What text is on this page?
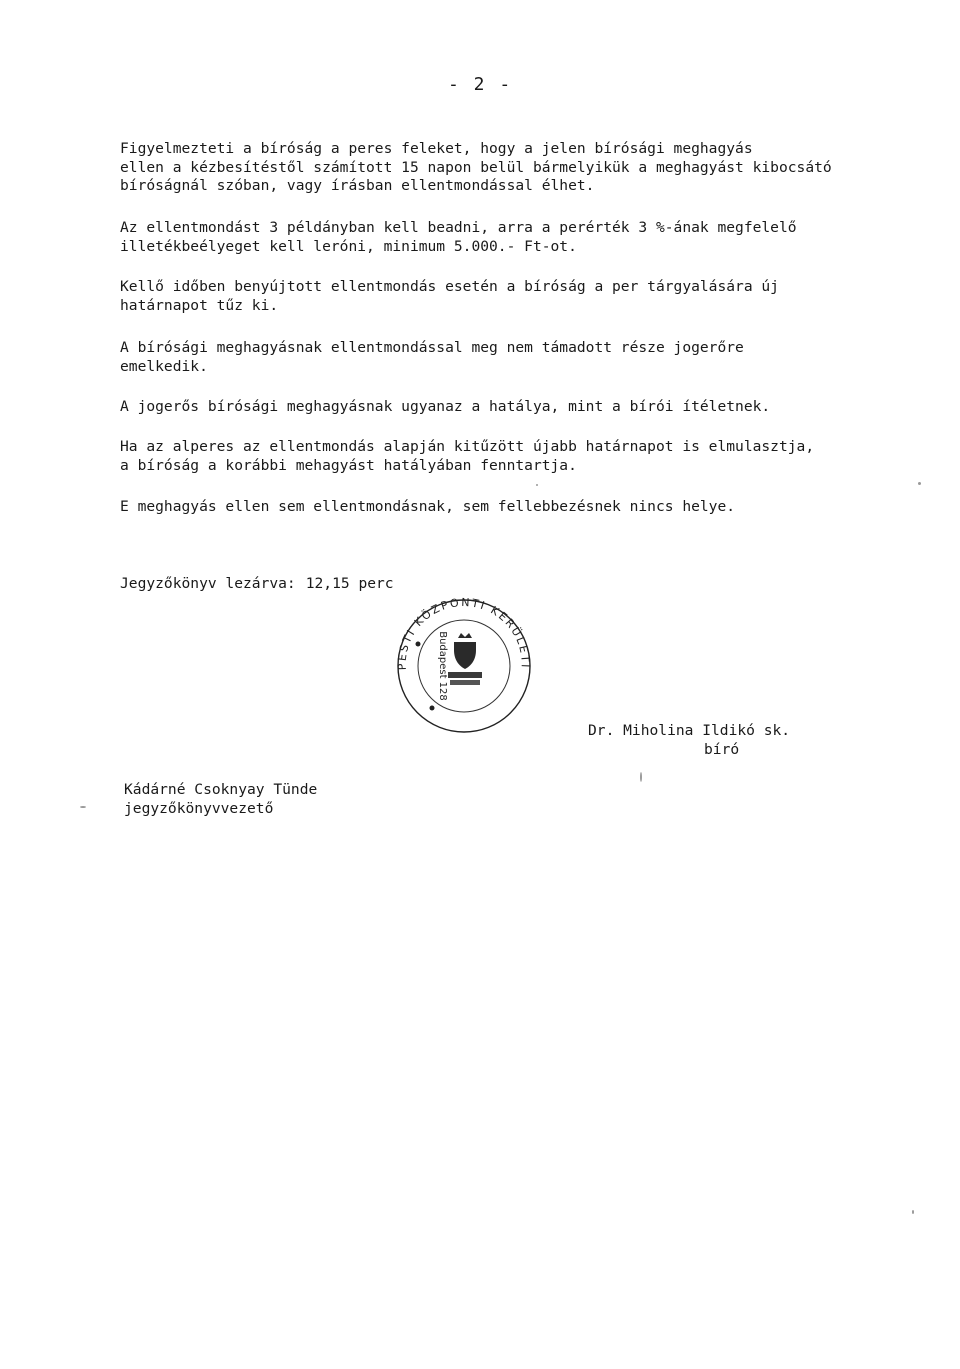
- 2 -
Figyelmezteti a bíróság a peres feleket, hogy a jelen bírósági meghagyás
ellen a kézbesítéstől számított 15 napon belül bármelyikük a meghagyást kibocsátó
bíróságnál szóban, vagy írásban ellentmondással élhet.
Az ellentmondást 3 példányban kell beadni, arra a perérték 3 %-ának megfelelő
illetékbeélyeget kell leróni, minimum 5.000.- Ft-ot.
Kellő időben benyújtott ellentmondás esetén a bíróság a per tárgyalására új
határnapot tűz ki.
A bírósági meghagyásnak ellentmondással meg nem támadott része jogerőre
emelkedik.
A jogerős bírósági meghagyásnak ugyanaz a hatálya, mint a bírói ítéletnek.
Ha az alperes az ellentmondás alapján kitűzött újabb határnapot is elmulasztja,
a bíróság a korábbi mehagyást hatályában fenntartja.
E meghagyás ellen sem ellentmondásnak, sem fellebbezésnek nincs helye.
Jegyzőkönyv lezárva: 12,15 perc
PESTI KÖZPONTI KERÜLETI
Budapest 128
Dr. Miholina Ildikó sk.
bíró
Kádárné Csoknyay Tünde
jegyzőkönyvvezető
